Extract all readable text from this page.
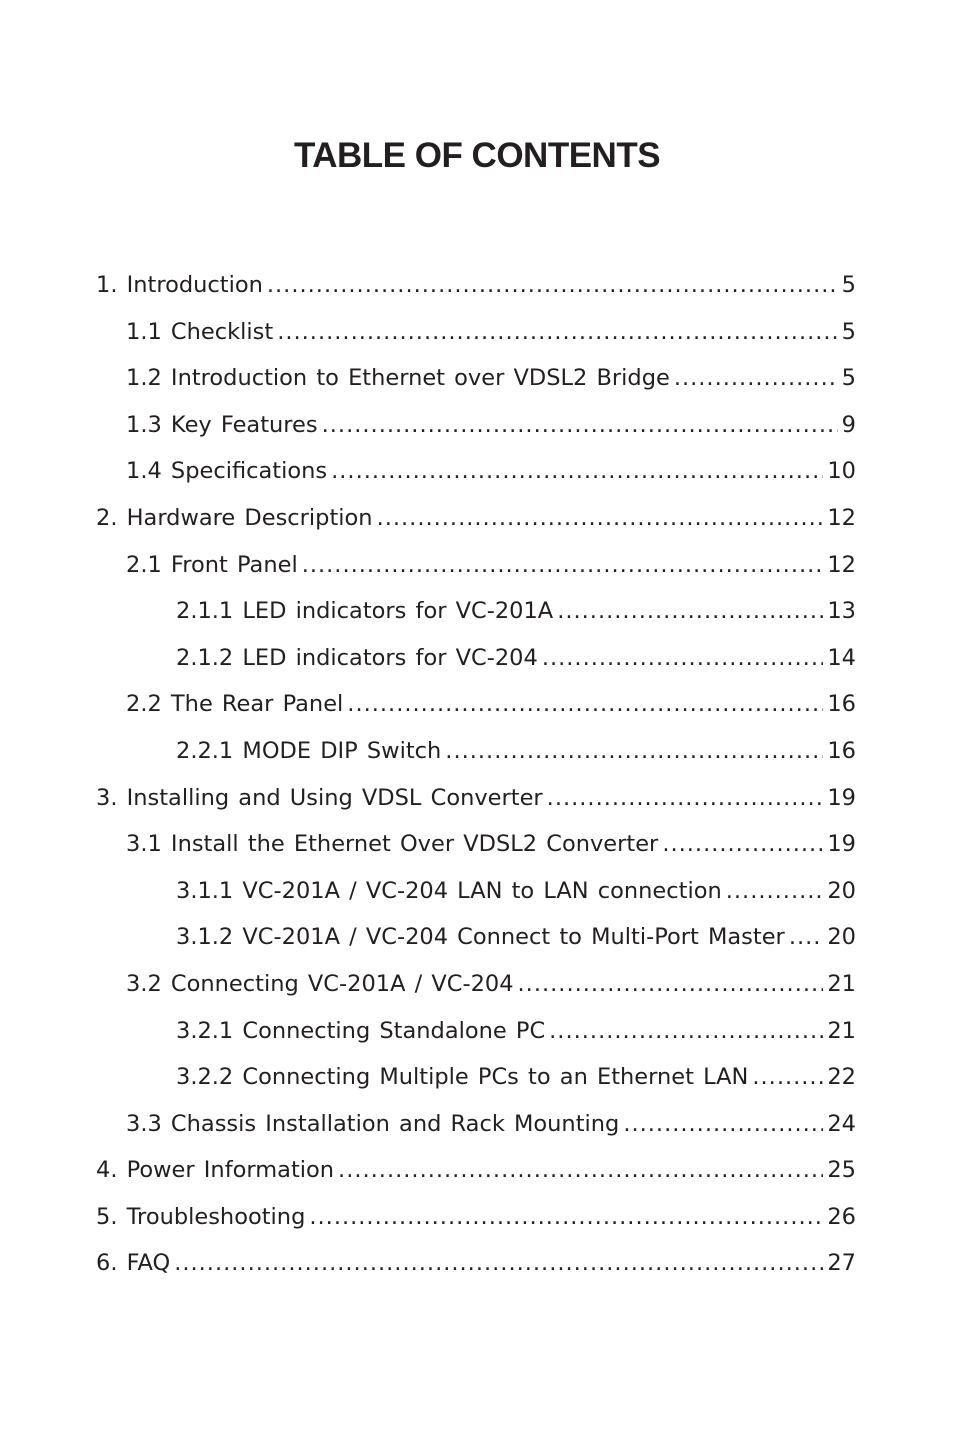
TABLE OF CONTENTS
1. Introduction .....	5
1.1 Checklist .....	5
1.2 Introduction to Ethernet over VDSL2 Bridge .....	5
1.3 Key Features .....	9
1.4 Specifications .....	10
2. Hardware Description .....	12
2.1 Front Panel .....	12
2.1.1 LED indicators for VC-201A .....	13
2.1.2 LED indicators for VC-204 .....	14
2.2 The Rear Panel .....	16
2.2.1 MODE DIP Switch .....	16
3. Installing and Using VDSL Converter .....	19
3.1 Install the Ethernet Over VDSL2 Converter .....	19
3.1.1 VC-201A / VC-204 LAN to LAN connection .....	20
3.1.2 VC-201A / VC-204 Connect to Multi-Port Master ..... 20
3.2 Connecting VC-201A / VC-204 .....	21
3.2.1 Connecting Standalone PC .....	21
3.2.2 Connecting Multiple PCs to an Ethernet LAN .....	22
3.3 Chassis Installation and Rack Mounting .....	24
4. Power Information .....	25
5. Troubleshooting .....	26
6. FAQ .....	27
